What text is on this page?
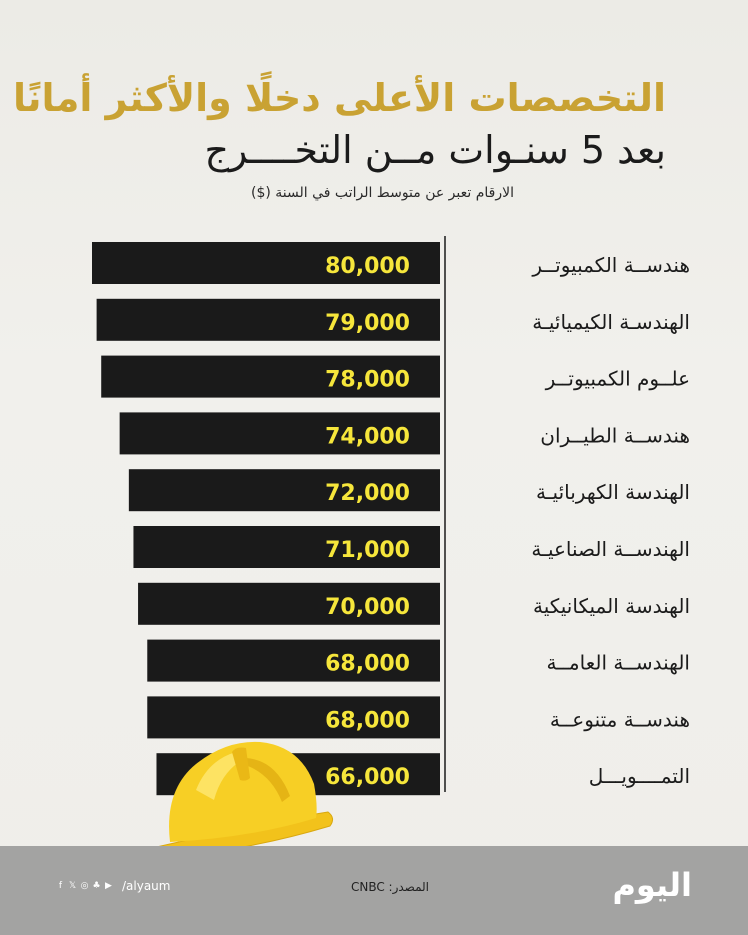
التخصصات الأعلى دخلًا والأكثر أمانًا
بعد 5 سنـوات مــن التخــــرج
الارقام تعبر عن متوسط الراتب في السنة ($)
80,000	هندســة الكمبيوتــر
79,000	الهندسـة الكيميائيـة
78,000	علــوم الكمبيوتــر
74,000	هندســة الطيــران
72,000	الهندسة الكهربائيـة
71,000	الهندســة الصناعيـة
70,000	الهندسة الميكانيكية
68,000	الهندســة العامــة
68,000	هندســة متنوعــة
66,000	التمــــويـــل
f 𝕏 ◎ ♣ ▶ /alyaum	المصدر: CNBC	اليوم
